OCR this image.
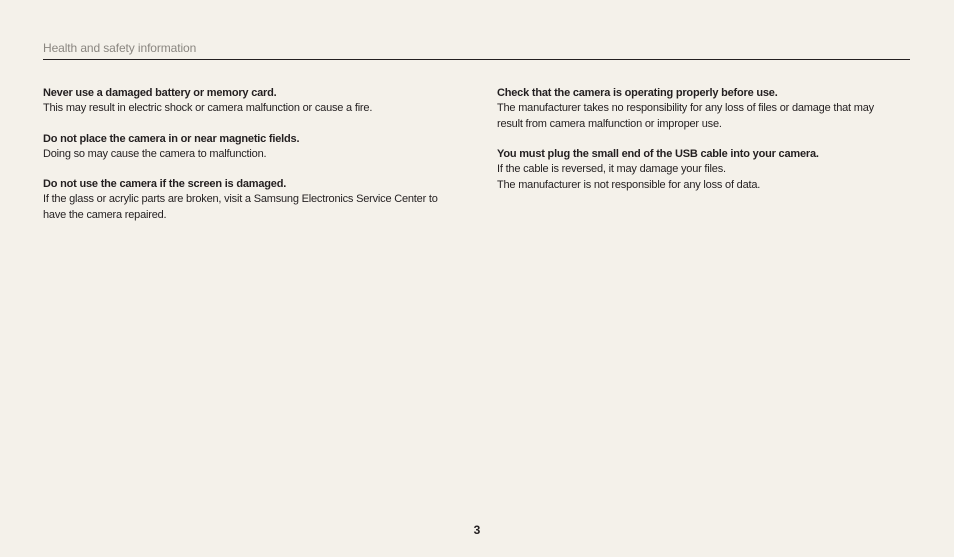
Health and safety information
Never use a damaged battery or memory card.
This may result in electric shock or camera malfunction or cause a fire.
Do not place the camera in or near magnetic fields.
Doing so may cause the camera to malfunction.
Do not use the camera if the screen is damaged.
If the glass or acrylic parts are broken, visit a Samsung Electronics Service Center to
have the camera repaired.
Check that the camera is operating properly before use.
The manufacturer takes no responsibility for any loss of files or damage that may
result from camera malfunction or improper use.
You must plug the small end of the USB cable into your camera.
If the cable is reversed, it may damage your files.
The manufacturer is not responsible for any loss of data.
3
